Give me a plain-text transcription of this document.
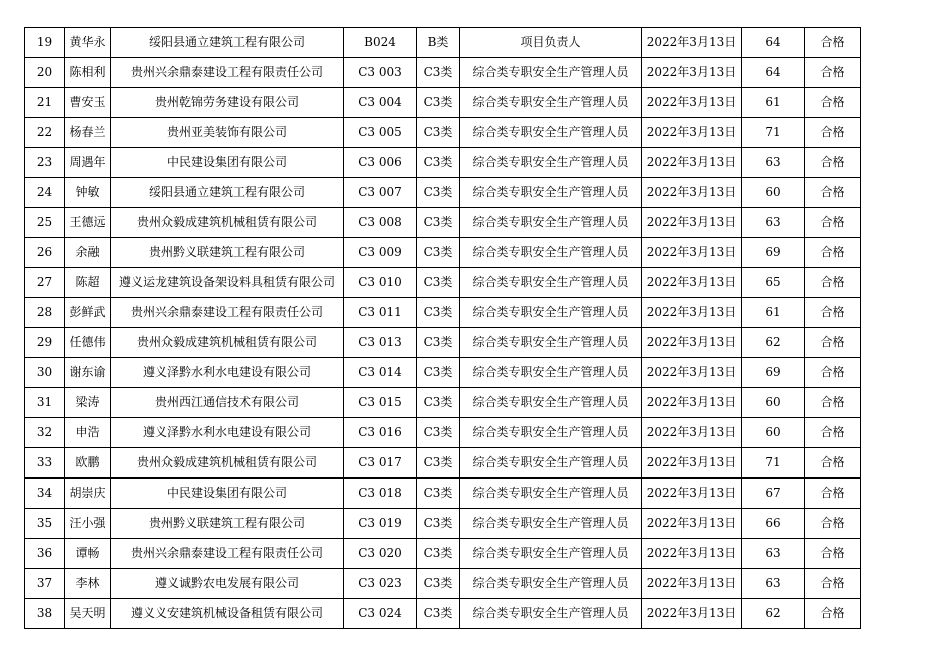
19	黄华永	绥阳县通立建筑工程有限公司	B024	B类	项目负责人	2022年3月13日	64	合格
20	陈相利	贵州兴余鼎泰建设工程有限责任公司	C3 003	C3类	综合类专职安全生产管理人员	2022年3月13日	64	合格
21	曹安玉	贵州乾锦劳务建设有限公司	C3 004	C3类	综合类专职安全生产管理人员	2022年3月13日	61	合格
22	杨春兰	贵州亚美装饰有限公司	C3 005	C3类	综合类专职安全生产管理人员	2022年3月13日	71	合格
23	周遇年	中民建设集团有限公司	C3 006	C3类	综合类专职安全生产管理人员	2022年3月13日	63	合格
24	钟敏	绥阳县通立建筑工程有限公司	C3 007	C3类	综合类专职安全生产管理人员	2022年3月13日	60	合格
25	王德远	贵州众毅成建筑机械租赁有限公司	C3 008	C3类	综合类专职安全生产管理人员	2022年3月13日	63	合格
26	余融	贵州黔义联建筑工程有限公司	C3 009	C3类	综合类专职安全生产管理人员	2022年3月13日	69	合格
27	陈超	遵义运龙建筑设备架设料具租赁有限公司	C3 010	C3类	综合类专职安全生产管理人员	2022年3月13日	65	合格
28	彭鲜武	贵州兴余鼎泰建设工程有限责任公司	C3 011	C3类	综合类专职安全生产管理人员	2022年3月13日	61	合格
29	任德伟	贵州众毅成建筑机械租赁有限公司	C3 013	C3类	综合类专职安全生产管理人员	2022年3月13日	62	合格
30	谢东谕	遵义泽黔水利水电建设有限公司	C3 014	C3类	综合类专职安全生产管理人员	2022年3月13日	69	合格
31	梁涛	贵州西江通信技术有限公司	C3 015	C3类	综合类专职安全生产管理人员	2022年3月13日	60	合格
32	申浩	遵义泽黔水利水电建设有限公司	C3 016	C3类	综合类专职安全生产管理人员	2022年3月13日	60	合格
33	欧鹏	贵州众毅成建筑机械租赁有限公司	C3 017	C3类	综合类专职安全生产管理人员	2022年3月13日	71	合格
34	胡崇庆	中民建设集团有限公司	C3 018	C3类	综合类专职安全生产管理人员	2022年3月13日	67	合格
35	汪小强	贵州黔义联建筑工程有限公司	C3 019	C3类	综合类专职安全生产管理人员	2022年3月13日	66	合格
36	谭畅	贵州兴余鼎泰建设工程有限责任公司	C3 020	C3类	综合类专职安全生产管理人员	2022年3月13日	63	合格
37	李林	遵义诚黔农电发展有限公司	C3 023	C3类	综合类专职安全生产管理人员	2022年3月13日	63	合格
38	吴天明	遵义义安建筑机械设备租赁有限公司	C3 024	C3类	综合类专职安全生产管理人员	2022年3月13日	62	合格
